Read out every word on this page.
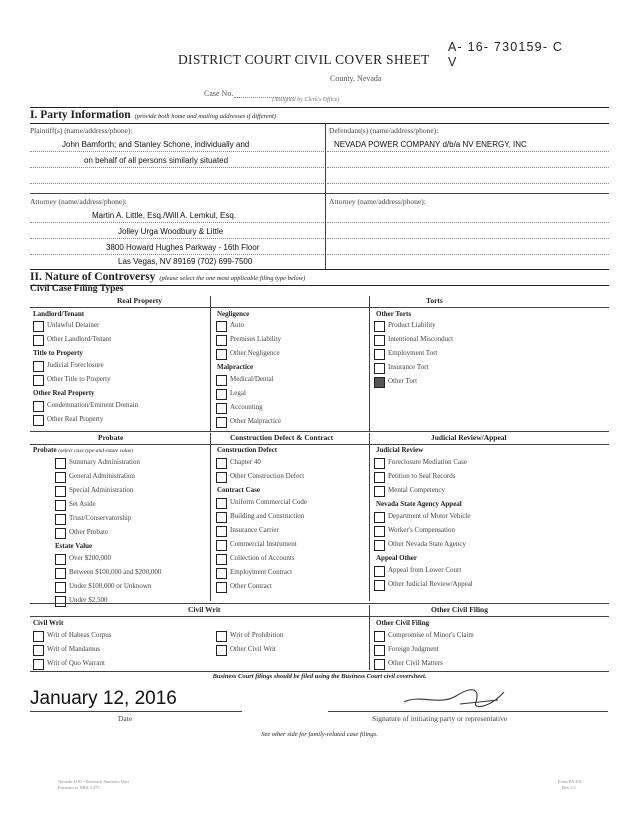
A- 16- 730159- C
V
DISTRICT COURT CIVIL COVER SHEET
County, Nevada
Case No.
(Assigned by Clerk's Office)
I. Party Information (provide both home and mailing addresses if different)
Plaintiff(s) (name/address/phone):
John Bamforth; and Stanley Schone, individually and
on behalf of all persons similarly situated
Defendant(s) (name/address/phone):
NEVADA POWER COMPANY d/b/a NV ENERGY, INC
Attorney (name/address/phone):
Martin A. Little, Esq./Will A. Lemkul, Esq.
Jolley Urga Woodbury & Little
3800 Howard Hughes Parkway - 16th Floor
Las Vegas, NV 89169 (702) 699-7500
Attorney (name/address/phone):
II. Nature of Controversy (please select the one most applicable filing type below)
Civil Case Filing Types
Real Property	Torts
Landlord/Tenant
Unlawful Detainer
Other Landlord/Tenant
Title to Property
Judicial Foreclosure
Other Title to Property
Other Real Property
Condemnation/Eminent Domain
Other Real Property
Negligence
Auto
Premises Liability
Other Negligence
Malpractice
Medical/Dental
Legal
Accounting
Other Malpractice
Other Torts
Product Liability
Intentional Misconduct
Employment Tort
Insurance Tort
Other Tort
Probate	Construction Defect & Contract	Judicial Review/Appeal
Probate (select case type and estate value)
Summary Administration
General Administration
Special Administration
Set Aside
Trust/Conservatorship
Other Probate
Estate Value
Over $200,000
Between $100,000 and $200,000
Under $100,000 or Unknown
Under $2,500
Construction Defect
Chapter 40
Other Construction Defect
Contract Case
Uniform Commercial Code
Building and Construction
Insurance Carrier
Commercial Instrument
Collection of Accounts
Employment Contract
Other Contract
Judicial Review
Foreclosure Mediation Case
Petition to Seal Records
Mental Competency
Nevada State Agency Appeal
Department of Motor Vehicle
Worker's Compensation
Other Nevada State Agency
Appeal Other
Appeal from Lower Court
Other Judicial Review/Appeal
Civil Writ	Other Civil Filing
Civil Writ
Writ of Habeas Corpus
Writ of Mandamus
Writ of Quo Warrant
Writ of Prohibition
Other Civil Writ
Other Civil Filing
Compromise of Minor's Claim
Foreign Judgment
Other Civil Matters
Business Court filings should be filed using the Business Court civil coversheet.
January 12, 2016
Date	Signature of initiating party or representative
See other side for family-related case filings.
Nevada AOC - Research Statistics Unit
Pursuant to NRS 3.275
Form PA 201
Rev 3.1
